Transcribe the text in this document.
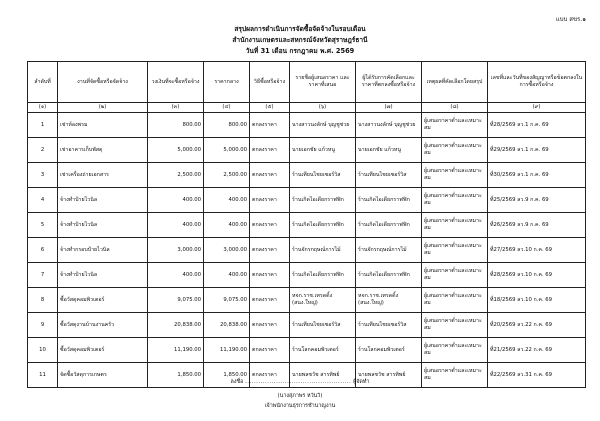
แบบ สขร.๑
สรุปผลการดำเนินการจัดซื้อจัดจ้างในรอบเดือน
สำนักงานเกษตรและสหกรณ์จังหวัดสุราษฎร์ธานี
วันที่ 31 เดือน กรกฎาคม พ.ศ. 2569
ลำดับที่	งานที่จัดซื้อหรือจัดจ้าง	วงเงินที่จะซื้อหรือจ้าง	ราคากลาง	วิธีซื้อหรือจ้าง	รายชื่อผู้เสนอราคา และราคาที่เสนอ	ผู้ได้รับการคัดเลือกและราคาที่ตกลงซื้อหรือจ้าง	เหตุผลที่คัดเลือกโดยสรุป	เลขที่และวันที่ของสัญญาหรือข้อตกลงในการซื้อหรือจ้าง
(๑)	(๒)	(๓)	(๔)	(๕)	(๖)	(๗)	(๘)	(๙)
1	เช่าห้องพรม	800.00	800.00	ตกลงราคา	นางสาวนงลักษ์ บุญชูช่วย	นางสาวนงลักษ์ บุญชูช่วย	ผู้เสนอราคาต่ำและเหมาะสม	ที่28/2569 ลว.1 ก.ค. 69
2	เช่าอาคารเก็บพัสดุ	5,000.00	5,000.00	ตกลงราคา	นายเอกชัย แก้วหนู	นายเอกชัย แก้วหนู	ผู้เสนอราคาต่ำและเหมาะสม	ที่29/2569 ลว.1 ก.ค. 69
3	เช่าเครื่องถ่ายเอกสาร	2,500.00	2,500.00	ตกลงราคา	ร้านเทียนไชยเซอร์วิส	ร้านเทียนไชยเซอร์วิส	ผู้เสนอราคาต่ำและเหมาะสม	ที่30/2569 ลว.1 ก.ค. 69
4	จ้างทำป้ายไวนิล	400.00	400.00	ตกลงราคา	ร้านเกิดไอเดียกราฟฟิก	ร้านเกิดไอเดียกราฟฟิก	ผู้เสนอราคาต่ำและเหมาะสม	ที่25/2569 ลว.9 ก.ค. 69
5	จ้างทำป้ายไวนิล	400.00	400.00	ตกลงราคา	ร้านเกิดไอเดียกราฟฟิก	ร้านเกิดไอเดียกราฟฟิก	ผู้เสนอราคาต่ำและเหมาะสม	ที่26/2569 ลว.9 ก.ค. 69
6	จ้างทำกรอบป้ายไวนิล	3,000.00	3,000.00	ตกลงราคา	ร้านจักรกฤษณ์การไม้	ร้านจักรกฤษณ์การไม้	ผู้เสนอราคาต่ำและเหมาะสม	ที่27/2569 ลว.10 ก.ค. 69
7	จ้างทำป้ายไวนิล	400.00	400.00	ตกลงราคา	ร้านเกิดไอเดียกราฟฟิก	ร้านเกิดไอเดียกราฟฟิก	ผู้เสนอราคาต่ำและเหมาะสม	ที่28/2569 ลว.10 ก.ค. 69
8	ซื้อวัสดุคอมพิวเตอร์	9,075.00	9,075.00	ตกลงราคา	หจก.ราช.เทรดดิ้ง (สนง.ใหญ่)	หจก.ราช.เทรดดิ้ง (สนง.ใหญ่)	ผู้เสนอราคาต่ำและเหมาะสม	ที่18/2569 ลว.10 ก.ค. 69
9	ซื้อวัสดุงานบ้านงานครัว	20,838.00	20,838.00	ตกลงราคา	ร้านเทียนไชยเซอร์วิส	ร้านเทียนไชยเซอร์วิส	ผู้เสนอราคาต่ำและเหมาะสม	ที่20/2569 ลว.22 ก.ค. 69
10	ซื้อวัสดุคอมพิวเตอร์	11,190.00	11,190.00	ตกลงราคา	ร้านโลกคอมพิวเตอร์	ร้านโลกคอมพิวเตอร์	ผู้เสนอราคาต่ำและเหมาะสม	ที่21/2569 ลว.22 ก.ค. 69
11	จัดซื้อวัสดุการเกษตร	1,850.00	1,850.00	ตกลงราคา	นายพลชวัช สารทิพย์	นายพลชวัช สารทิพย์	ผู้เสนอราคาต่ำและเหมาะสม	ที่22/2569 ลว.31 ก.ค. 69
ลงชื่อ ................................................ ผู้จัดทำ
(นางสุภาพร หวันวิ)
เจ้าพนักงานธุรการชำนาญงาน
